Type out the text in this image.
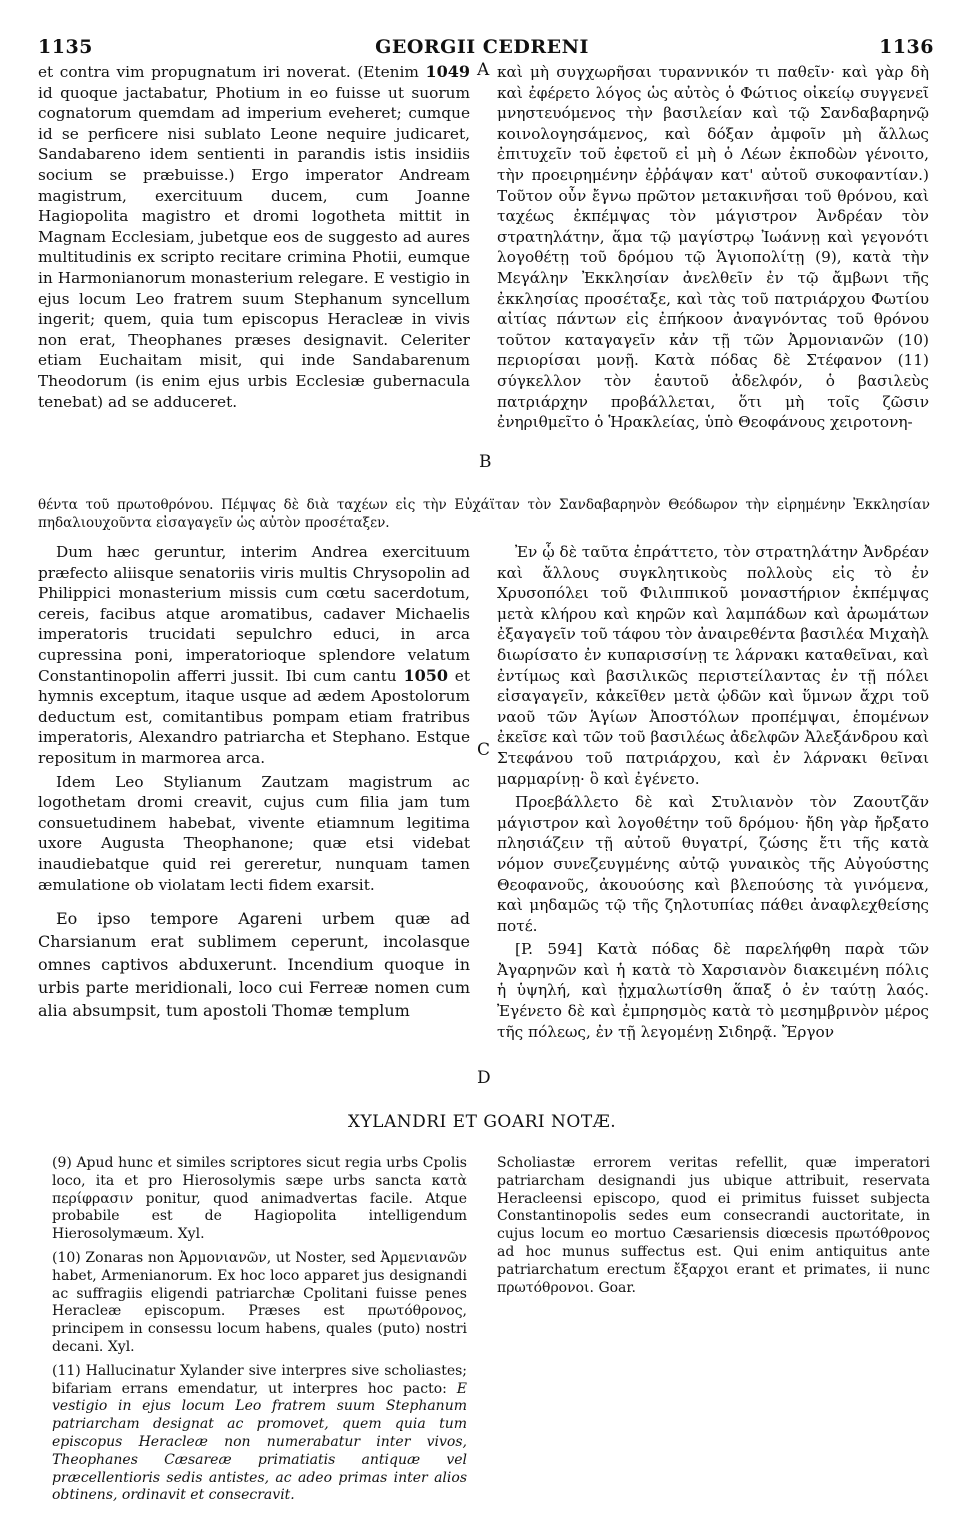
1135	GEORGII CEDRENI	1136
A
B
C
D

et contra vim propugnatum iri noverat. (Etenim 1049 id quoque jactabatur, Photium in eo fuisse ut suorum cognatorum quemdam ad imperium eveheret; cumque id se perficere nisi sublato Leone nequire judicaret, Sandabareno idem sentienti in parandis istis insidiis socium se præbuisse.) Ergo imperator Andream magistrum, exercituum ducem, cum Joanne Hagiopolita magistro et dromi logotheta mittit in Magnam Ecclesiam, jubetque eos de suggesto ad aures multitudinis ex scripto recitare crimina Photii, eumque in Harmonianorum monasterium relegare. E vestigio in ejus locum Leo fratrem suum Stephanum syncellum ingerit; quem, quia tum episcopus Heracleæ in vivis non erat, Theophanes præses designavit. Celeriter etiam Euchaitam misit, qui inde Sandabarenum Theodorum (is enim ejus urbis Ecclesiæ gubernacula tenebat) ad se adduceret.

καὶ μὴ συγχωρῆσαι τυραννικόν τι παθεῖν· καὶ γὰρ δὴ καὶ ἐφέρετο λόγος ὡς αὐτὸς ὁ Φώτιος οἰκείῳ συγγενεῖ μνηστευόμενος τὴν βασιλείαν καὶ τῷ Σανδαβαρηνῷ κοινολογησάμενος, καὶ δόξαν ἀμφοῖν μὴ ἄλλως ἐπιτυχεῖν τοῦ ἐφετοῦ εἰ μὴ ὁ Λέων ἐκποδὼν γένοιτο, τὴν προειρημένην ἐῤῥάψαν κατ' αὐτοῦ συκοφαντίαν.) Τοῦτον οὖν ἔγνω πρῶτον μετακινῆσαι τοῦ θρόνου, καὶ ταχέως ἐκπέμψας τὸν μάγιστρον Ἀνδρέαν τὸν στρατηλάτην, ἅμα τῷ μαγίστρῳ Ἰωάννῃ καὶ γεγονότι λογοθέτῃ τοῦ δρόμου τῷ Ἁγιοπολίτῃ (9), κατὰ τὴν Μεγάλην Ἐκκλησίαν ἀνελθεῖν ἐν τῷ ἄμβωνι τῆς ἐκκλησίας προσέταξε, καὶ τὰς τοῦ πατριάρχου Φωτίου αἰτίας πάντων εἰς ἐπήκοον ἀναγνόντας τοῦ θρόνου τοῦτον καταγαγεῖν κἀν τῇ τῶν Ἀρμονιανῶν (10) περιορίσαι μονῇ. Κατὰ πόδας δὲ Στέφανον (11) σύγκελλον τὸν ἑαυτοῦ ἀδελφόν, ὁ βασιλεὺς πατριάρχην προβάλλεται, ὅτι μὴ τοῖς ζῶσιν ἐνηριθμεῖτο ὁ Ἡρακλείας, ὑπὸ Θεοφάνους χειροτονη-

θέντα τοῦ πρωτοθρόνου. Πέμψας δὲ διὰ ταχέων εἰς τὴν Εὐχάϊταν τὸν Σανδαβαρηνὸν Θεόδωρον τὴν εἰρημένην Ἐκκλησίαν πηδαλιουχοῦντα εἰσαγαγεῖν ὡς αὐτὸν προσέταξεν.

Dum hæc geruntur, interim Andrea exercituum præfecto aliisque senatoriis viris multis Chrysopolin ad Philippici monasterium missis cum cœtu sacerdotum, cereis, facibus atque aromatibus, cadaver Michaelis imperatoris trucidati sepulchro educi, in arca cupressina poni, imperatorioque splendore velatum Constantinopolin afferri jussit. Ibi cum cantu 1050 et hymnis exceptum, itaque usque ad ædem Apostolorum deductum est, comitantibus pompam etiam fratribus imperatoris, Alexandro patriarcha et Stephano. Estque repositum in marmorea arca.

Idem Leo Stylianum Zautzam magistrum ac logothetam dromi creavit, cujus cum filia jam tum consuetudinem habebat, vivente etiamnum legitima uxore Augusta Theophanone; quæ etsi videbat inaudiebatque quid rei gereretur, nunquam tamen æmulatione ob violatam lecti fidem exarsit.

Eo ipso tempore Agareni urbem quæ ad Charsianum erat sublimem ceperunt, incolasque omnes captivos abduxerunt. Incendium quoque in urbis parte meridionali, loco cui Ferreæ nomen cum alia absumpsit, tum apostoli Thomæ templum

Ἐν ᾧ δὲ ταῦτα ἐπράττετο, τὸν στρατηλάτην Ἀνδρέαν καὶ ἄλλους συγκλητικοὺς πολλοὺς εἰς τὸ ἐν Χρυσοπόλει τοῦ Φιλιππικοῦ μοναστήριον ἐκπέμψας μετὰ κλήρου καὶ κηρῶν καὶ λαμπάδων καὶ ἀρωμάτων ἐξαγαγεῖν τοῦ τάφου τὸν ἀναιρεθέντα βασιλέα Μιχαὴλ διωρίσατο ἐν κυπαρισσίνῃ τε λάρνακι καταθεῖναι, καὶ ἐντίμως καὶ βασιλικῶς περιστείλαντας ἐν τῇ πόλει εἰσαγαγεῖν, κἀκεῖθεν μετὰ ᾠδῶν καὶ ὕμνων ἄχρι τοῦ ναοῦ τῶν Ἁγίων Ἀποστόλων προπέμψαι, ἑπομένων ἐκεῖσε καὶ τῶν τοῦ βασιλέως ἀδελφῶν Ἀλεξάνδρου καὶ Στεφάνου τοῦ πατριάρχου, καὶ ἐν λάρνακι θεῖναι μαρμαρίνῃ· ὃ καὶ ἐγένετο.

Προεβάλλετο δὲ καὶ Στυλιανὸν τὸν Ζαουτζᾶν μάγιστρον καὶ λογοθέτην τοῦ δρόμου· ἤδη γὰρ ἤρξατο πλησιάζειν τῇ αὐτοῦ θυγατρί, ζώσης ἔτι τῆς κατὰ νόμον συνεζευγμένης αὐτῷ γυναικὸς τῆς Αὐγούστης Θεοφανοῦς, ἀκουούσης καὶ βλεπούσης τὰ γινόμενα, καὶ μηδαμῶς τῷ τῆς ζηλοτυπίας πάθει ἀναφλεχθείσης ποτέ.

[P. 594] Κατὰ πόδας δὲ παρελήφθη παρὰ τῶν Ἀγαρηνῶν καὶ ἡ κατὰ τὸ Χαρσιανὸν διακειμένη πόλις ἡ ὑψηλή, καὶ ᾐχμαλωτίσθη ἅπαξ ὁ ἐν ταύτῃ λαός. Ἐγένετο δὲ καὶ ἐμπρησμὸς κατὰ τὸ μεσημβρινὸν μέρος τῆς πόλεως, ἐν τῇ λεγομένῃ Σιδηρᾷ. Ἔργον

XYLANDRI ET GOARI NOTÆ.

(9) Apud hunc et similes scriptores sicut regia urbs Cpolis loco, ita et pro Hierosolymis sæpe urbs sancta κατὰ περίφρασιν ponitur, quod animadvertas facile. Atque probabile est de Hagiopolita intelligendum Hierosolymæum. Xyl.

(10) Zonaras non Ἀρμονιανῶν, ut Noster, sed Ἀρμενιανῶν habet, Armenianorum. Ex hoc loco apparet jus designandi ac suffragiis eligendi patriarchæ Cpolitani fuisse penes Heracleæ episcopum. Præses est πρωτόθρονος, principem in consessu locum habens, quales (puto) nostri decani. Xyl.

(11) Hallucinatur Xylander sive interpres sive scholiastes; bifariam errans emendatur, ut interpres hoc pacto: E vestigio in ejus locum Leo fratrem suum Stephanum patriarcham designat ac promovet, quem quia tum episcopus Heracleæ non numerabatur inter vivos, Theophanes Cæsareæ primatiatis antiquæ vel præcellentioris sedis antistes, ac adeo primas inter alios obtinens, ordinavit et consecravit.

Scholiastæ errorem veritas refellit, quæ imperatori patriarcham designandi jus ubique attribuit, reservata Heracleensi episcopo, quod ei primitus fuisset subjecta Constantinopolis sedes eum consecrandi auctoritate, in cujus locum eo mortuo Cæsariensis diœcesis πρωτόθρονος ad hoc munus suffectus est. Qui enim antiquitus ante patriarchatum erectum ἔξαρχοι erant et primates, ii nunc πρωτόθρονοι. Goar.
